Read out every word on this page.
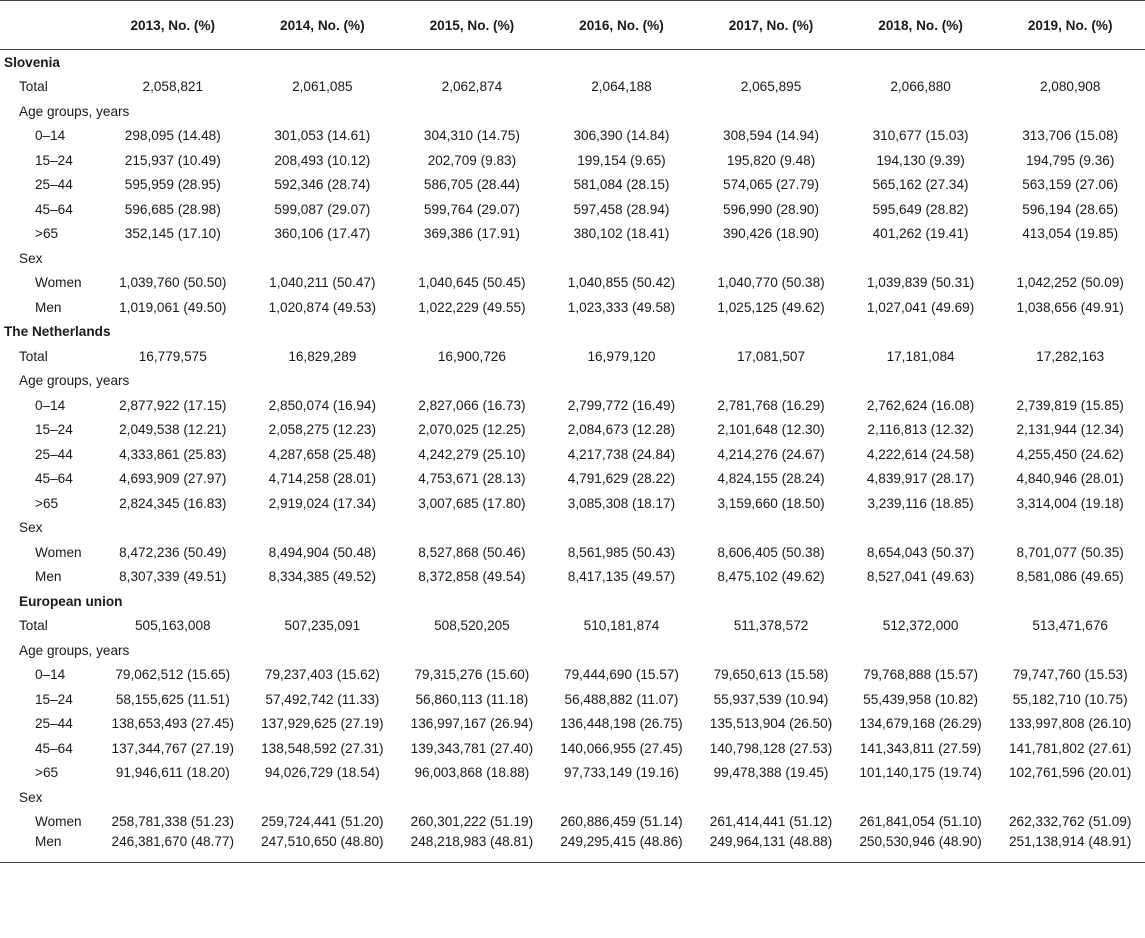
	2013, No. (%)	2014, No. (%)	2015, No. (%)	2016, No. (%)	2017, No. (%)	2018, No. (%)	2019, No. (%)
Slovenia							
Total	2,058,821	2,061,085	2,062,874	2,064,188	2,065,895	2,066,880	2,080,908
Age groups, years							
0–14	298,095 (14.48)	301,053 (14.61)	304,310 (14.75)	306,390 (14.84)	308,594 (14.94)	310,677 (15.03)	313,706 (15.08)
15–24	215,937 (10.49)	208,493 (10.12)	202,709 (9.83)	199,154 (9.65)	195,820 (9.48)	194,130 (9.39)	194,795 (9.36)
25–44	595,959 (28.95)	592,346 (28.74)	586,705 (28.44)	581,084 (28.15)	574,065 (27.79)	565,162 (27.34)	563,159 (27.06)
45–64	596,685 (28.98)	599,087 (29.07)	599,764 (29.07)	597,458 (28.94)	596,990 (28.90)	595,649 (28.82)	596,194 (28.65)
>65	352,145 (17.10)	360,106 (17.47)	369,386 (17.91)	380,102 (18.41)	390,426 (18.90)	401,262 (19.41)	413,054 (19.85)
Sex							
Women	1,039,760 (50.50)	1,040,211 (50.47)	1,040,645 (50.45)	1,040,855 (50.42)	1,040,770 (50.38)	1,039,839 (50.31)	1,042,252 (50.09)
Men	1,019,061 (49.50)	1,020,874 (49.53)	1,022,229 (49.55)	1,023,333 (49.58)	1,025,125 (49.62)	1,027,041 (49.69)	1,038,656 (49.91)
The Netherlands							
Total	16,779,575	16,829,289	16,900,726	16,979,120	17,081,507	17,181,084	17,282,163
Age groups, years							
0–14	2,877,922 (17.15)	2,850,074 (16.94)	2,827,066 (16.73)	2,799,772 (16.49)	2,781,768 (16.29)	2,762,624 (16.08)	2,739,819 (15.85)
15–24	2,049,538 (12.21)	2,058,275 (12.23)	2,070,025 (12.25)	2,084,673 (12.28)	2,101,648 (12.30)	2,116,813 (12.32)	2,131,944 (12.34)
25–44	4,333,861 (25.83)	4,287,658 (25.48)	4,242,279 (25.10)	4,217,738 (24.84)	4,214,276 (24.67)	4,222,614 (24.58)	4,255,450 (24.62)
45–64	4,693,909 (27.97)	4,714,258 (28.01)	4,753,671 (28.13)	4,791,629 (28.22)	4,824,155 (28.24)	4,839,917 (28.17)	4,840,946 (28.01)
>65	2,824,345 (16.83)	2,919,024 (17.34)	3,007,685 (17.80)	3,085,308 (18.17)	3,159,660 (18.50)	3,239,116 (18.85)	3,314,004 (19.18)
Sex							
Women	8,472,236 (50.49)	8,494,904 (50.48)	8,527,868 (50.46)	8,561,985 (50.43)	8,606,405 (50.38)	8,654,043 (50.37)	8,701,077 (50.35)
Men	8,307,339 (49.51)	8,334,385 (49.52)	8,372,858 (49.54)	8,417,135 (49.57)	8,475,102 (49.62)	8,527,041 (49.63)	8,581,086 (49.65)
European union							
Total	505,163,008	507,235,091	508,520,205	510,181,874	511,378,572	512,372,000	513,471,676
Age groups, years							
0–14	79,062,512 (15.65)	79,237,403 (15.62)	79,315,276 (15.60)	79,444,690 (15.57)	79,650,613 (15.58)	79,768,888 (15.57)	79,747,760 (15.53)
15–24	58,155,625 (11.51)	57,492,742 (11.33)	56,860,113 (11.18)	56,488,882 (11.07)	55,937,539 (10.94)	55,439,958 (10.82)	55,182,710 (10.75)
25–44	138,653,493 (27.45)	137,929,625 (27.19)	136,997,167 (26.94)	136,448,198 (26.75)	135,513,904 (26.50)	134,679,168 (26.29)	133,997,808 (26.10)
45–64	137,344,767 (27.19)	138,548,592 (27.31)	139,343,781 (27.40)	140,066,955 (27.45)	140,798,128 (27.53)	141,343,811 (27.59)	141,781,802 (27.61)
>65	91,946,611 (18.20)	94,026,729 (18.54)	96,003,868 (18.88)	97,733,149 (19.16)	99,478,388 (19.45)	101,140,175 (19.74)	102,761,596 (20.01)
Sex							
Women	258,781,338 (51.23)	259,724,441 (51.20)	260,301,222 (51.19)	260,886,459 (51.14)	261,414,441 (51.12)	261,841,054 (51.10)	262,332,762 (51.09)
Men	246,381,670 (48.77)	247,510,650 (48.80)	248,218,983 (48.81)	249,295,415 (48.86)	249,964,131 (48.88)	250,530,946 (48.90)	251,138,914 (48.91)
